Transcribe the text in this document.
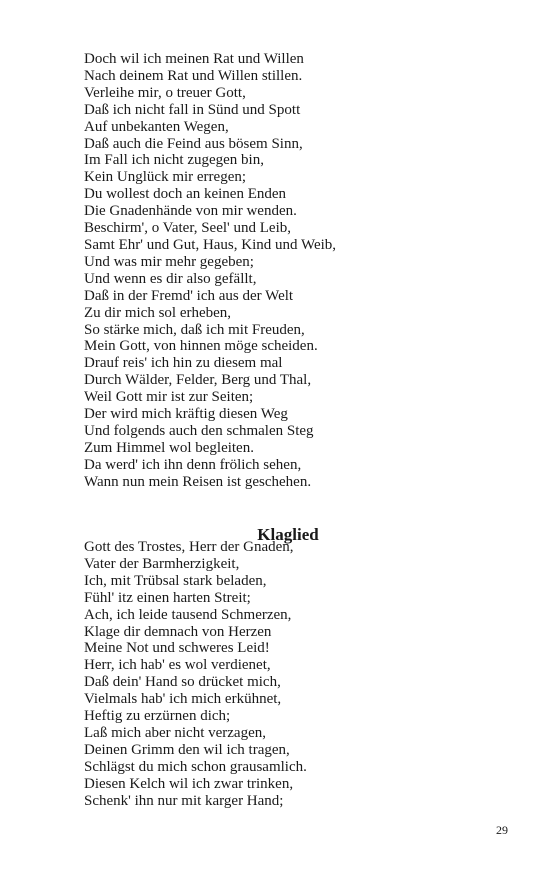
Doch wil ich meinen Rat und Willen
Nach deinem Rat und Willen stillen.
Verleihe mir, o treuer Gott,
Daß ich nicht fall in Sünd und Spott
Auf unbekanten Wegen,
Daß auch die Feind aus bösem Sinn,
Im Fall ich nicht zugegen bin,
Kein Unglück mir erregen;
Du wollest doch an keinen Enden
Die Gnadenhände von mir wenden.
Beschirm', o Vater, Seel' und Leib,
Samt Ehr' und Gut, Haus, Kind und Weib,
Und was mir mehr gegeben;
Und wenn es dir also gefällt,
Daß in der Fremd' ich aus der Welt
Zu dir mich sol erheben,
So stärke mich, daß ich mit Freuden,
Mein Gott, von hinnen möge scheiden.
Drauf reis' ich hin zu diesem mal
Durch Wälder, Felder, Berg und Thal,
Weil Gott mir ist zur Seiten;
Der wird mich kräftig diesen Weg
Und folgends auch den schmalen Steg
Zum Himmel wol begleiten.
Da werd' ich ihn denn frölich sehen,
Wann nun mein Reisen ist geschehen.
Klaglied
Gott des Trostes, Herr der Gnaden,
Vater der Barmherzigkeit,
Ich, mit Trübsal stark beladen,
Fühl' itz einen harten Streit;
Ach, ich leide tausend Schmerzen,
Klage dir demnach von Herzen
Meine Not und schweres Leid!
Herr, ich hab' es wol verdienet,
Daß dein' Hand so drücket mich,
Vielmals hab' ich mich erkühnet,
Heftig zu erzürnen dich;
Laß mich aber nicht verzagen,
Deinen Grimm den wil ich tragen,
Schlägst du mich schon grausamlich.
Diesen Kelch wil ich zwar trinken,
Schenk' ihn nur mit karger Hand;
29
